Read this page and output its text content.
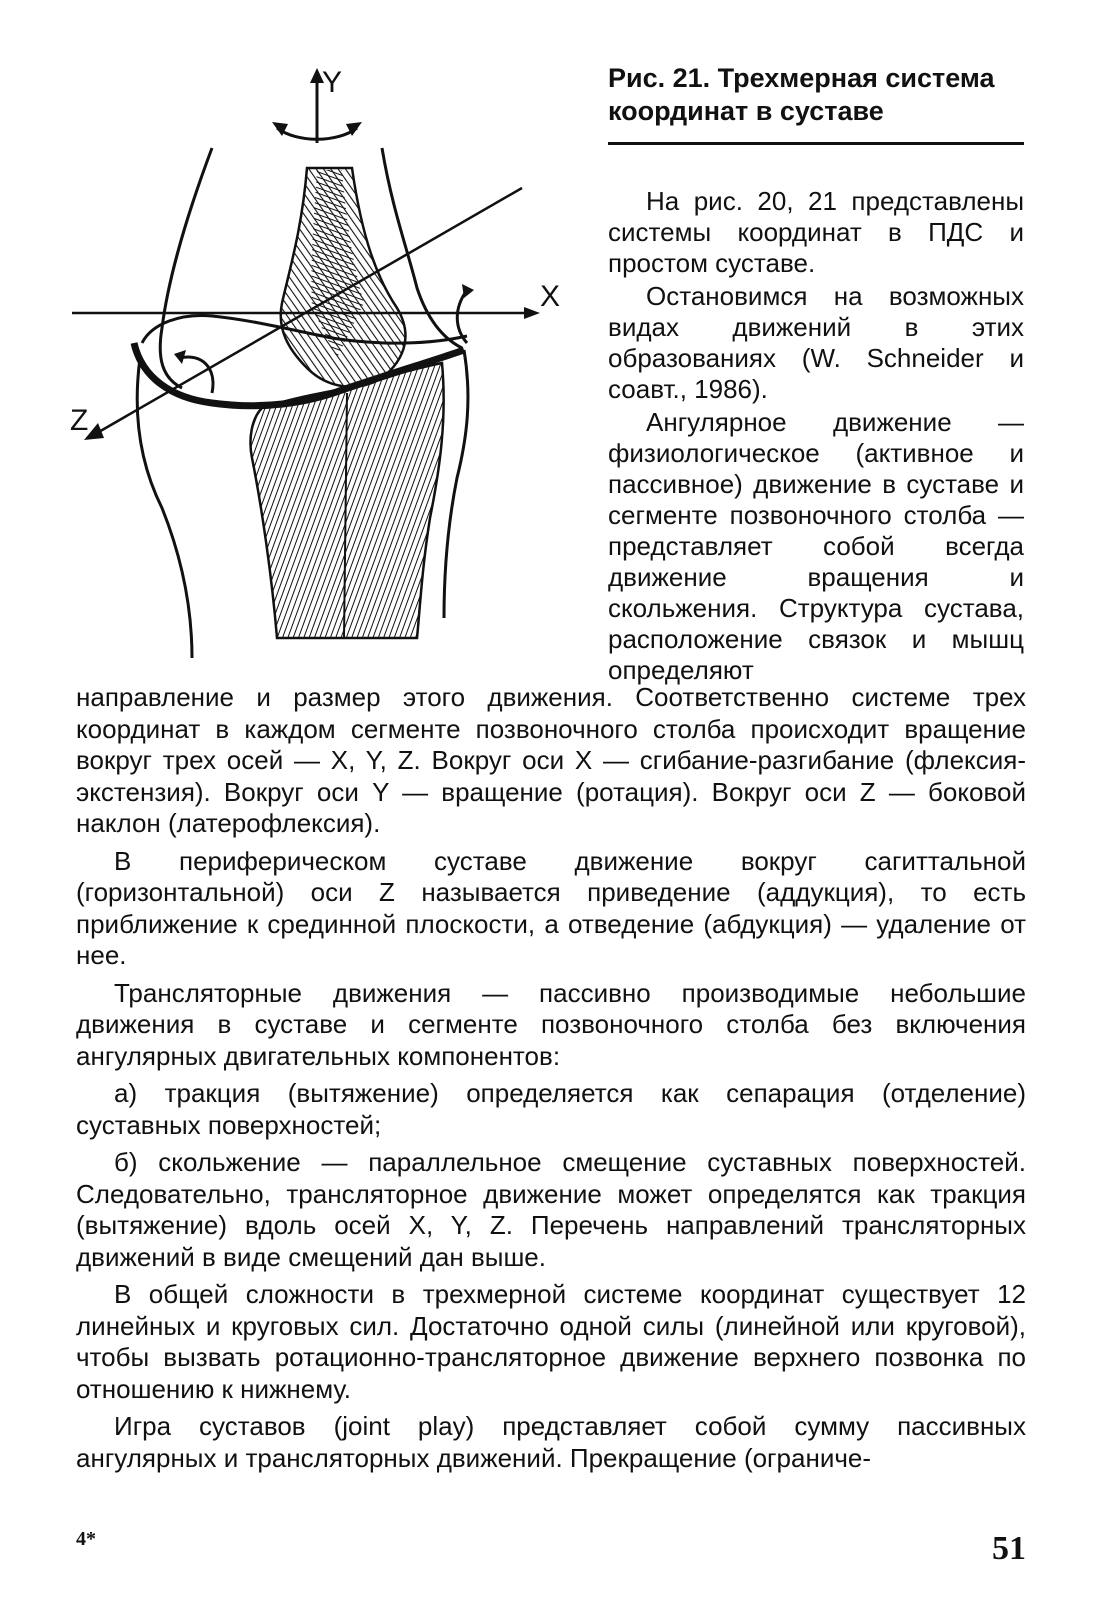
Y
X
Z

Рис. 21. Трехмерная система координат в суставе

На рис. 20, 21 представлены системы координат в ПДС и простом суставе.

Остановимся на возможных видах движений в этих образованиях (W. Schneider и соавт., 1986).

Ангулярное движение — физиологическое (активное и пассивное) движение в суставе и сегменте позвоночного столба — представляет собой всегда движение вращения и скольжения. Структура сустава, расположение связок и мышц определяют

направление и размер этого движения. Соответственно системе трех координат в каждом сегменте позвоночного столба происходит вращение вокруг трех осей — X, Y, Z. Вокруг оси X — сгибание-разгибание (флексия-экстензия). Вокруг оси Y — вращение (ротация). Вокруг оси Z — боковой наклон (латерофлексия).

В периферическом суставе движение вокруг сагиттальной (горизонтальной) оси Z называется приведение (аддукция), то есть приближение к срединной плоскости, а отведение (абдукция) — удаление от нее.

Трансляторные движения — пассивно производимые небольшие движения в суставе и сегменте позвоночного столба без включения ангулярных двигательных компонентов:

а) тракция (вытяжение) определяется как сепарация (отделение) суставных поверхностей;

б) скольжение — параллельное смещение суставных поверхностей. Следовательно, трансляторное движение может определятся как тракция (вытяжение) вдоль осей X, Y, Z. Перечень направлений трансляторных движений в виде смещений дан выше.

В общей сложности в трехмерной системе координат существует 12 линейных и круговых сил. Достаточно одной силы (линейной или круговой), чтобы вызвать ротационно-трансляторное движение верхнего позвонка по отношению к нижнему.

Игра суставов (joint play) представляет собой сумму пассивных ангулярных и трансляторных движений. Прекращение (ограниче-

4*	51
